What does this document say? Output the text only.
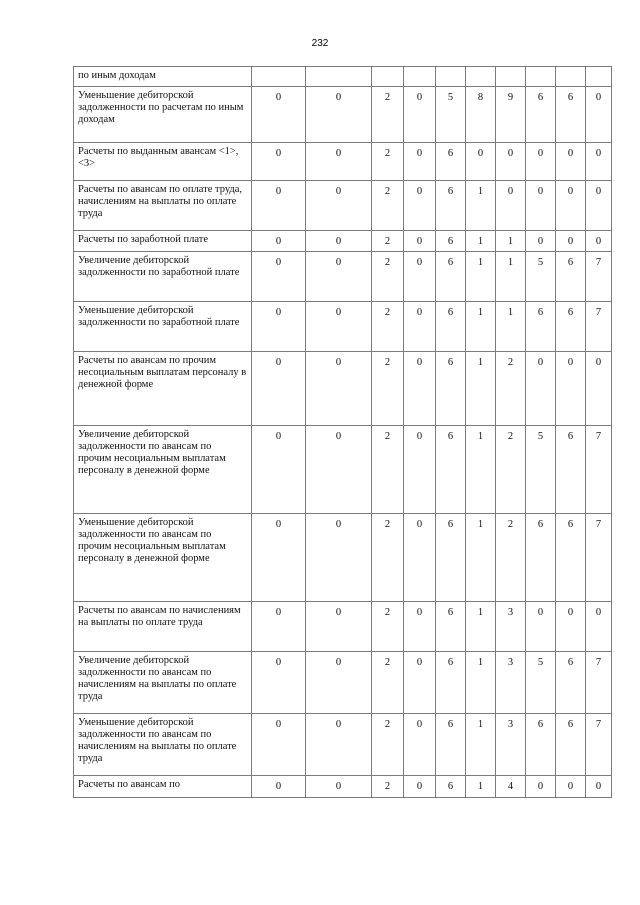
232
по иным доходам										
Уменьшение дебиторской задолженности по расчетам по иным доходам	0	0	2	0	5	8	9	6	6	0
Расчеты по выданным авансам <1>, <3>	0	0	2	0	6	0	0	0	0	0
Расчеты по авансам по оплате труда, начислениям на выплаты по оплате труда	0	0	2	0	6	1	0	0	0	0
Расчеты по заработной плате	0	0	2	0	6	1	1	0	0	0
Увеличение дебиторской задолженности по заработной плате	0	0	2	0	6	1	1	5	6	7
Уменьшение дебиторской задолженности по заработной плате	0	0	2	0	6	1	1	6	6	7
Расчеты по авансам по прочим несоциальным выплатам персоналу в денежной форме	0	0	2	0	6	1	2	0	0	0
Увеличение дебиторской задолженности по авансам по прочим несоциальным выплатам персоналу в денежной форме	0	0	2	0	6	1	2	5	6	7
Уменьшение дебиторской задолженности по авансам по прочим несоциальным выплатам персоналу в денежной форме	0	0	2	0	6	1	2	6	6	7
Расчеты по авансам по начислениям на выплаты по оплате труда	0	0	2	0	6	1	3	0	0	0
Увеличение дебиторской задолженности по авансам по начислениям на выплаты по оплате труда	0	0	2	0	6	1	3	5	6	7
Уменьшение дебиторской задолженности по авансам по начислениям на выплаты по оплате труда	0	0	2	0	6	1	3	6	6	7
Расчеты по авансам по	0	0	2	0	6	1	4	0	0	0
